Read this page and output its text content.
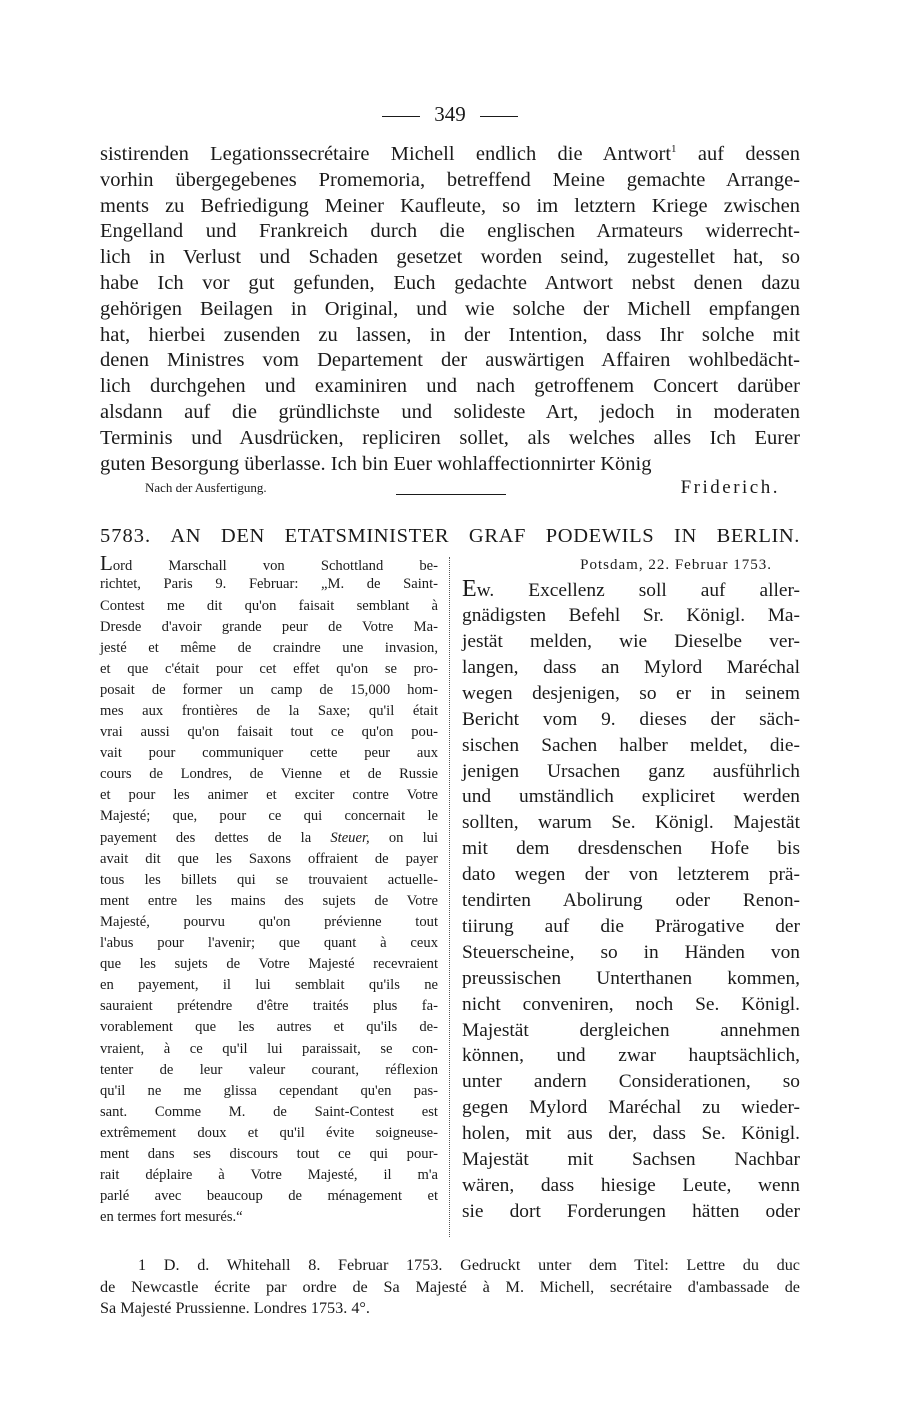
349
sistirenden Legationssecrétaire Michell endlich die Antwort$^1$ auf dessen
vorhin übergegebenes Promemoria, betreffend Meine gemachte Arrange-
ments zu Befriedigung Meiner Kaufleute, so im letztern Kriege zwischen
Engelland und Frankreich durch die englischen Armateurs widerrecht-
lich in Verlust und Schaden gesetzet worden seind, zugestellet hat, so
habe Ich vor gut gefunden, Euch gedachte Antwort nebst denen dazu
gehörigen Beilagen in Original, und wie solche der Michell empfangen
hat, hierbei zusenden zu lassen, in der Intention, dass Ihr solche mit
denen Ministres vom Departement der auswärtigen Affairen wohlbedächt-
lich durchgehen und examiniren und nach getroffenem Concert darüber
alsdann auf die gründlichste und solideste Art, jedoch in moderaten
Terminis und Ausdrücken, repliciren sollet, als welches alles Ich Eurer
guten Besorgung überlasse. Ich bin Euer wohlaffectionnirter König
Nach der Ausfertigung.	Friderich.
5783. AN DEN ETATSMINISTER GRAF PODEWILS IN BERLIN.
Lord Marschall von Schottland be-
richtet, Paris 9. Februar: „M. de Saint-
Contest me dit qu'on faisait semblant à
Dresde d'avoir grande peur de Votre Ma-
jesté et même de craindre une invasion,
et que c'était pour cet effet qu'on se pro-
posait de former un camp de 15,000 hom-
mes aux frontières de la Saxe; qu'il était
vrai aussi qu'on faisait tout ce qu'on pou-
vait pour communiquer cette peur aux
cours de Londres, de Vienne et de Russie
et pour les animer et exciter contre Votre
Majesté; que, pour ce qui concernait le
payement des dettes de la Steuer, on lui
avait dit que les Saxons offraient de payer
tous les billets qui se trouvaient actuelle-
ment entre les mains des sujets de Votre
Majesté, pourvu qu'on prévienne tout
l'abus pour l'avenir; que quant à ceux
que les sujets de Votre Majesté recevraient
en payement, il lui semblait qu'ils ne
sauraient prétendre d'être traités plus fa-
vorablement que les autres et qu'ils de-
vraient, à ce qu'il lui paraissait, se con-
tenter de leur valeur courant, réflexion
qu'il ne me glissa cependant qu'en pas-
sant. Comme M. de Saint-Contest est
extrêmement doux et qu'il évite soigneuse-
ment dans ses discours tout ce qui pour-
rait déplaire à Votre Majesté, il m'a
parlé avec beaucoup de ménagement et
en termes fort mesurés.“
Potsdam, 22. Februar 1753.
Ew. Excellenz soll auf aller-
gnädigsten Befehl Sr. Königl. Ma-
jestät melden, wie Dieselbe ver-
langen, dass an Mylord Maréchal
wegen desjenigen, so er in seinem
Bericht vom 9. dieses der säch-
sischen Sachen halber meldet, die-
jenigen Ursachen ganz ausführlich
und umständlich expliciret werden
sollten, warum Se. Königl. Majestät
mit dem dresdenschen Hofe bis
dato wegen der von letzterem prä-
tendirten Abolirung oder Renon-
tiirung auf die Prärogative der
Steuerscheine, so in Händen von
preussischen Unterthanen kommen,
nicht conveniren, noch Se. Königl.
Majestät dergleichen annehmen
können, und zwar hauptsächlich,
unter andern Considerationen, so
gegen Mylord Maréchal zu wieder-
holen, mit aus der, dass Se. Königl.
Majestät mit Sachsen Nachbar
wären, dass hiesige Leute, wenn
sie dort Forderungen hätten oder
1 D. d. Whitehall 8. Februar 1753. Gedruckt unter dem Titel: Lettre du duc
de Newcastle écrite par ordre de Sa Majesté à M. Michell, secrétaire d'ambassade de
Sa Majesté Prussienne. Londres 1753. 4°.
